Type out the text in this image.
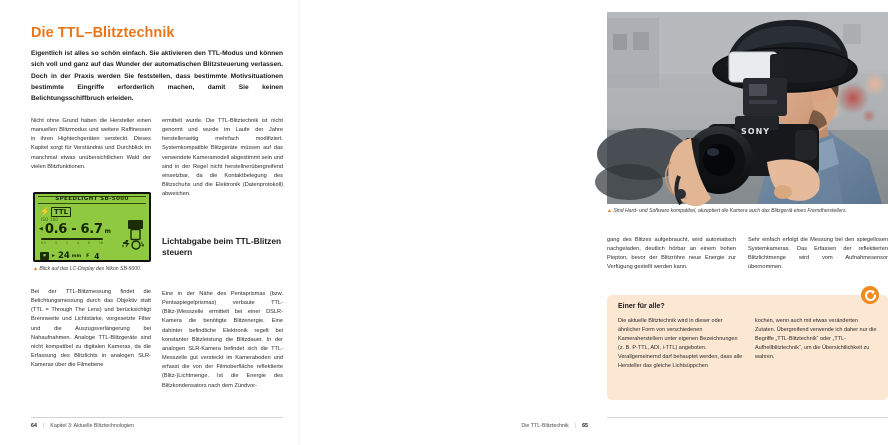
Die TTL–Blitztechnik
Eigentlich ist alles so schön einfach. Sie aktivieren den TTL-Modus und können sich voll und ganz auf das Wunder der automatischen Blitzsteuerung verlassen. Doch in der Praxis werden Sie feststellen, dass bestimmte Motivsituationen bestimmte Eingriffe erforderlich machen, damit Sie keinen Belichtungsschiffbruch erleiden.
Nicht ohne Grund haben die Hersteller einen manuellen Blitzmodus und weitere Raffinessen in ihren Hightechgeräten versteckt. Dieses Kapitel sorgt für Verständnis und Durchblick im manchmal etwas unübersichtlichen Wald der vielen Blitzfunktionen.
ermittelt wurde. Die TTL-Blitztechnik ist nicht genormt und wurde im Laufe der Jahre herstellerseitig mehrfach modifiziert. Systemkompatible Blitzgeräte müssen auf das verwendete Kameramodell abgestimmt sein und sind in der Regel nicht herstellnerübergreifend einsetzbar, da die Kontaktbelegung des Blitzschuhs und die Elektronik (Datenprotokoll) abweichen.
SPEEDLIGHT SB-5000
⚡ TTL
ISO 100
◀ 0.6 - 6.7 m
0.5	1	2	4	8	16
■	► 24 mm F 4
▲ Blick auf das LC-Display des Nikon SB-5000.
Bei der TTL-Blitzmessung findet die Belichtungsmessung durch das Objektiv statt (TTL = Through The Lens) und berücksichtigt Brennweite und Lichtstärke, vorgesetzte Filter und die Auszugsverlängerung bei Nahaufnahmen. Analoge TTL-Blitzgeräte sind nicht kompatibel zu digitalen Kameras, da die Erfassung des Blitzlichts in analogen SLR-Kameras über die Filmebene
Lichtabgabe beim TTL-Blitzen steuern
Eine in der Nähe des Pentaprismas (bzw. Pentaspiegelprismas) verbaute TTL-(Blitz-)Messzelle ermittelt bei einer DSLR-Kamera die benötigte Blitzenergie. Eine dahinter befindliche Elektronik regelt bei konstanter Blitzleistung die Blitzdauer. In der analogen SLR-Kamera befindet sich die TTL-Messzelle gut versteckt im Kameraboden und erfasst die von der Filmoberfläche reflektierte (Blitz-)Lichtmenge. Ist die Energie des Blitzkondensators nach dem Zündvor-
64 | Kapitel 3: Aktuelle Blitztechnologien
SONY
▲ Sind Hard- und Software kompatibel, akzeptiert die Kamera auch das Blitzgerät eines Fremdherstellers.
gang des Blitzes aufgebraucht, wird automatisch nachgeladen, deutlich hörbar an einem hohen Piepton, bevor der Blitzröhre neue Energie zur Verfügung gestellt werden kann.
Sehr einfach erfolgt die Messung bei den spiegellosen Systemkameras. Das Erfassen der reflektierten Blitzlichtmenge wird vom Aufnahmesensor übernommen.
Einer für alle?
Die aktuelle Blitztechnik wird in dieser oder ähnlicher Form von verschiedenen Kameraherstellern unter eigenen Bezeichnungen (z. B. P-TTL, ADI, i-TTL) angeboten. Verallgemeinernd darf behauptet werden, dass alle Hersteller das gleiche Lichtsüppchen
kochen, wenn auch mit etwas veränderten Zutaten. Übergreifend verwende ich daher nur die Begriffe „TTL-Blitztechnik“ oder „TTL-Aufhellblitztechnik“, um die Übersichtlichkeit zu wahren.
Die TTL-Blitztechnik | 65
